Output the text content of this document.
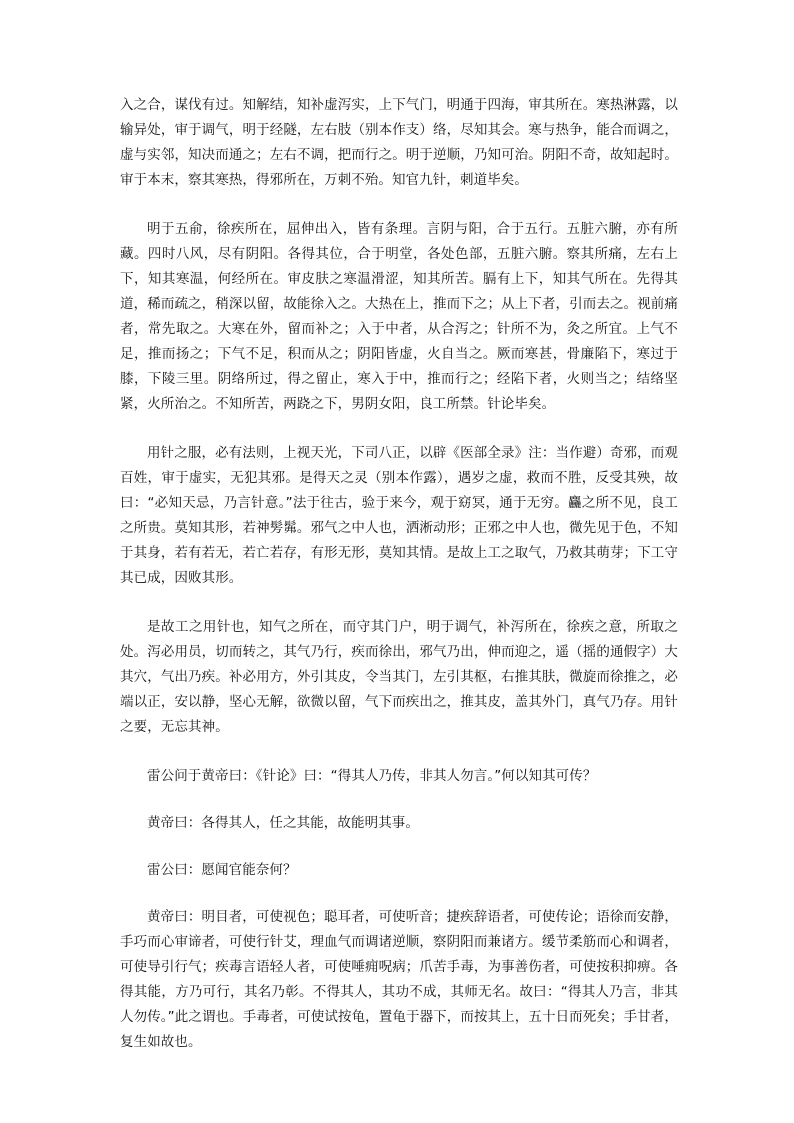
入之合，谋伐有过。知解结，知补虚泻实，上下气门，明通于四海，审其所在。寒热淋露，以输异处，审于调气，明于经隧，左右肢（别本作支）络，尽知其会。寒与热争，能合而调之，虚与实邻，知决而通之；左右不调，把而行之。明于逆顺，乃知可治。阴阳不奇，故知起时。审于本末，察其寒热，得邪所在，万刺不殆。知官九针，刺道毕矣。

明于五俞，徐疾所在，屈伸出入，皆有条理。言阴与阳，合于五行。五脏六腑，亦有所藏。四时八风，尽有阴阳。各得其位，合于明堂，各处色部，五脏六腑。察其所痛，左右上下，知其寒温，何经所在。审皮肤之寒温滑涩，知其所苦。膈有上下，知其气所在。先得其道，稀而疏之，稍深以留，故能徐入之。大热在上，推而下之；从上下者，引而去之。视前痛者，常先取之。大寒在外，留而补之；入于中者，从合泻之；针所不为，灸之所宜。上气不足，推而扬之；下气不足，积而从之；阴阳皆虚，火自当之。厥而寒甚，骨廉陷下，寒过于膝，下陵三里。阴络所过，得之留止，寒入于中，推而行之；经陷下者，火则当之；结络坚紧，火所治之。不知所苦，两跷之下，男阴女阳，良工所禁。针论毕矣。

用针之服，必有法则，上视天光，下司八正，以辟《医部全录》注：当作避）奇邪，而观百姓，审于虚实，无犯其邪。是得天之灵（别本作露），遇岁之虚，救而不胜，反受其殃，故曰：“必知天忌，乃言针意。”法于往古，验于来今，观于窈冥，通于无穷。麤之所不见，良工之所贵。莫知其形，若神髣髴。邪气之中人也，洒淅动形；正邪之中人也，微先见于色，不知于其身，若有若无，若亡若存，有形无形，莫知其情。是故上工之取气，乃救其萌芽；下工守其已成，因败其形。

是故工之用针也，知气之所在，而守其门户，明于调气，补泻所在，徐疾之意，所取之处。泻必用员，切而转之，其气乃行，疾而徐出，邪气乃出，伸而迎之，遥（摇的通假字）大其穴，气出乃疾。补必用方，外引其皮，令当其门，左引其枢，右推其肤，微旋而徐推之，必端以正，安以静，坚心无解，欲微以留，气下而疾出之，推其皮，盖其外门，真气乃存。用针之要，无忘其神。

雷公问于黄帝曰：《针论》曰：“得其人乃传，非其人勿言。”何以知其可传？

黄帝曰：各得其人，任之其能，故能明其事。

雷公曰：愿闻官能奈何？

黄帝曰：明目者，可使视色；聪耳者，可使听音；捷疾辞语者，可使传论；语徐而安静，手巧而心审谛者，可使行针艾，理血气而调诸逆顺，察阴阳而兼诸方。缓节柔筋而心和调者，可使导引行气；疾毒言语轻人者，可使唾痈呪病；爪苦手毒，为事善伤者，可使按积抑痹。各得其能，方乃可行，其名乃彰。不得其人，其功不成，其师无名。故曰：“得其人乃言，非其人勿传。”此之谓也。手毒者，可使试按龟，置龟于器下，而按其上，五十日而死矣；手甘者，复生如故也。
